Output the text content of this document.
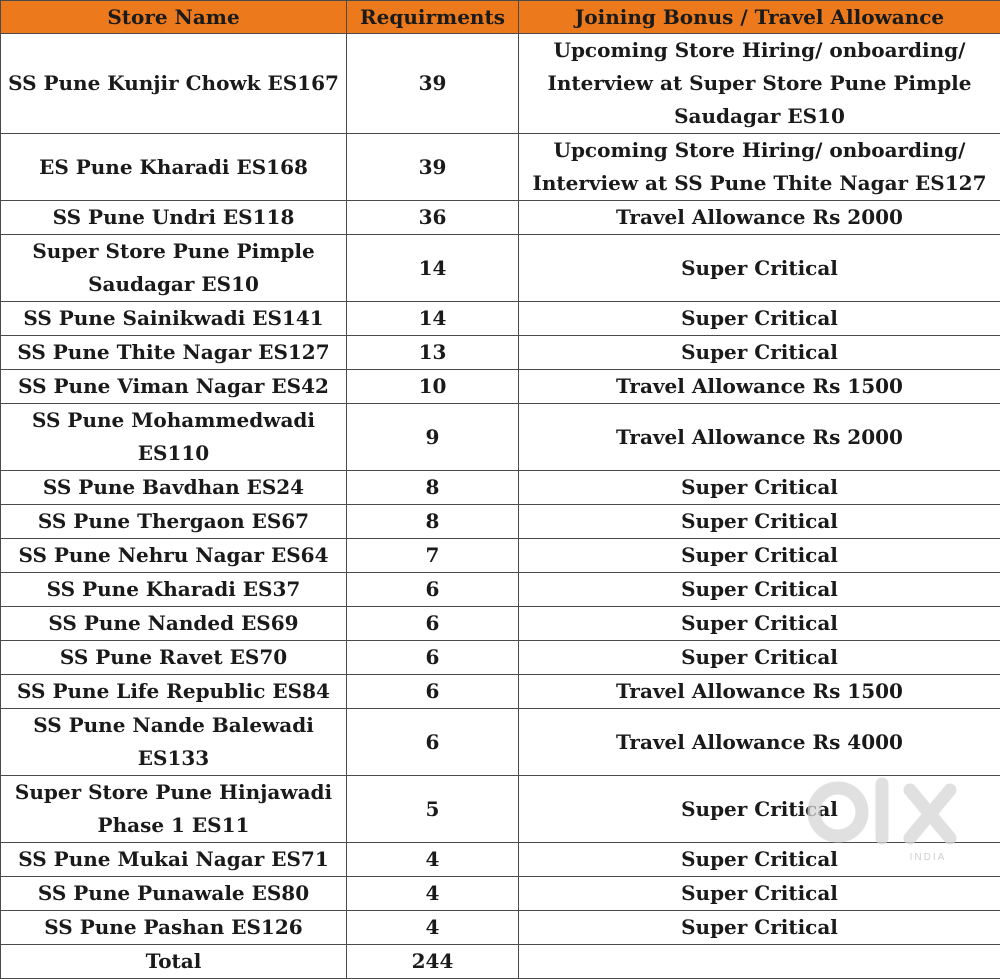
Store Name	Requirments	Joining Bonus / Travel Allowance
SS Pune Kunjir Chowk ES167	39	Upcoming Store Hiring/ onboarding/ Interview at Super Store Pune Pimple Saudagar ES10
ES Pune Kharadi ES168	39	Upcoming Store Hiring/ onboarding/ Interview at SS Pune Thite Nagar ES127
SS Pune Undri ES118	36	Travel Allowance Rs 2000
Super Store Pune Pimple Saudagar ES10	14	Super Critical
SS Pune Sainikwadi ES141	14	Super Critical
SS Pune Thite Nagar ES127	13	Super Critical
SS Pune Viman Nagar ES42	10	Travel Allowance Rs 1500
SS Pune Mohammedwadi ES110	9	Travel Allowance Rs 2000
SS Pune Bavdhan ES24	8	Super Critical
SS Pune Thergaon ES67	8	Super Critical
SS Pune Nehru Nagar ES64	7	Super Critical
SS Pune Kharadi ES37	6	Super Critical
SS Pune Nanded ES69	6	Super Critical
SS Pune Ravet ES70	6	Super Critical
SS Pune Life Republic ES84	6	Travel Allowance Rs 1500
SS Pune Nande Balewadi ES133	6	Travel Allowance Rs 4000
Super Store Pune Hinjawadi Phase 1 ES11	5	Super Critical
SS Pune Mukai Nagar ES71	4	Super Critical
SS Pune Punawale ES80	4	Super Critical
SS Pune Pashan ES126	4	Super Critical
Total	244	
INDIA
